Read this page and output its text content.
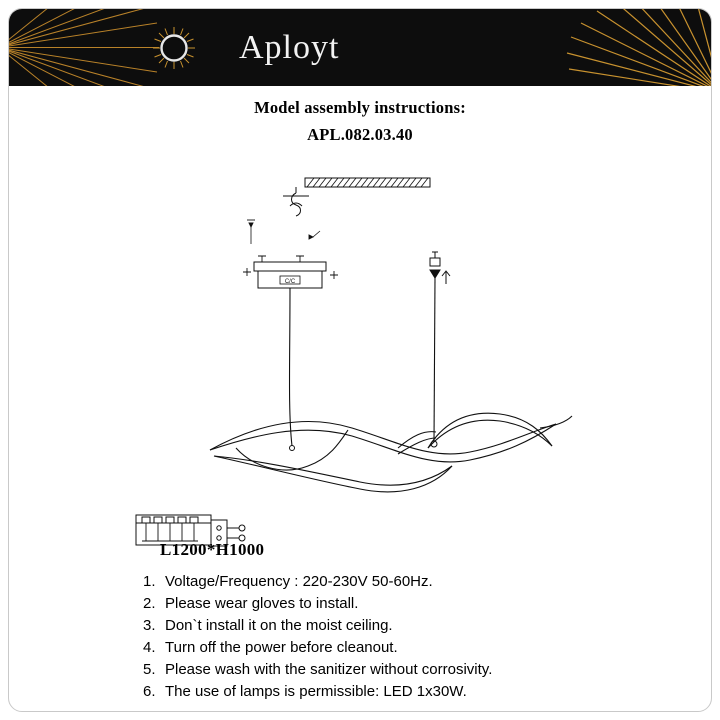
Aployt
Model assembly instructions:
APL.082.03.40
C/C
L1200*H1000
1. Voltage/Frequency : 220-230V 50-60Hz.
2. Please wear gloves to install.
3. Don`t install it on the moist ceiling.
4. Turn off the power before cleanout.
5. Please wash with the sanitizer without corrosivity.
6. The use of lamps is permissible: LED 1x30W.
